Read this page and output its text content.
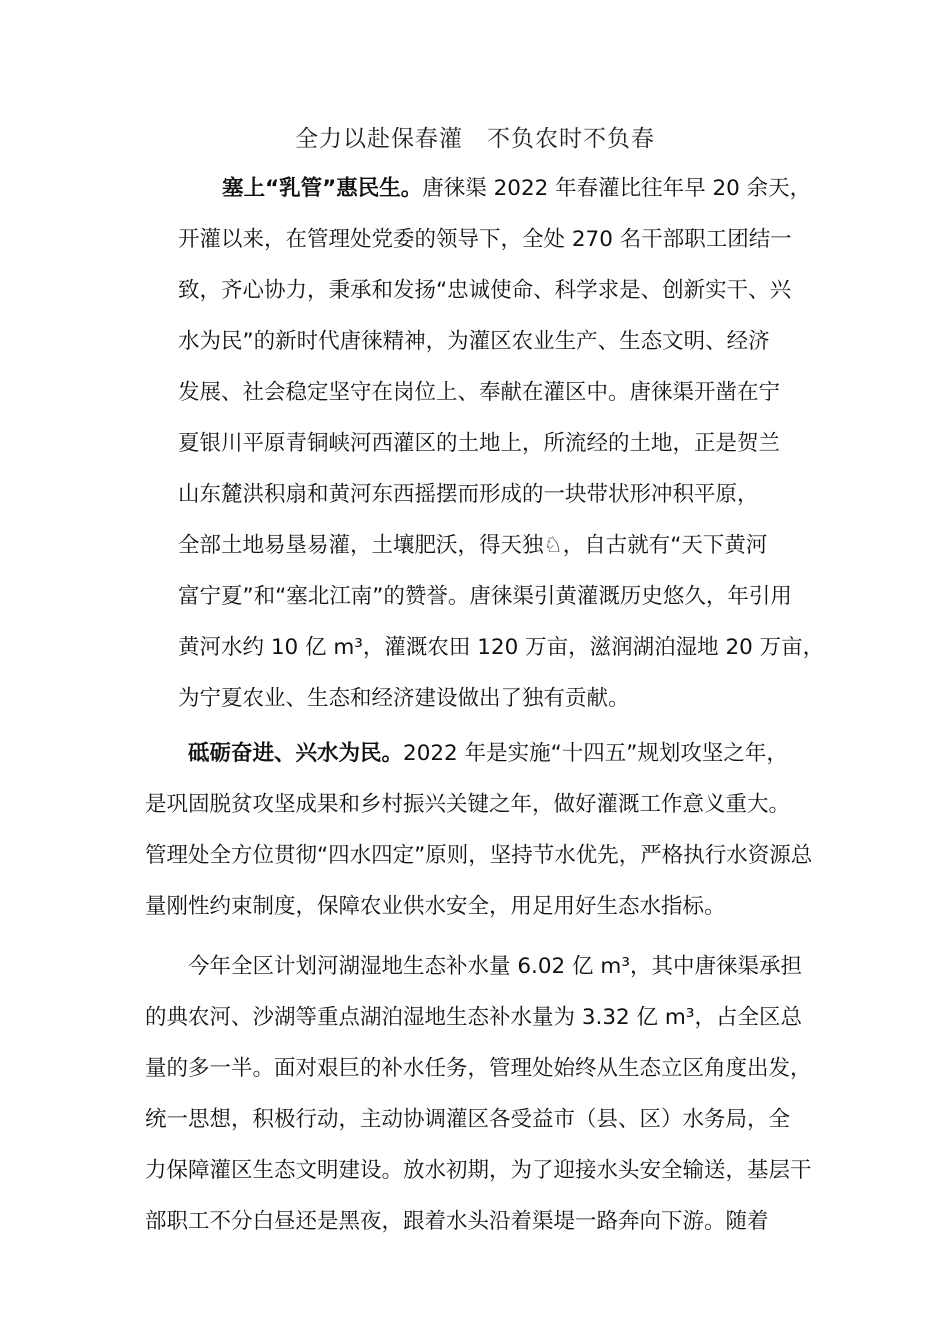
全力以赴保春灌　不负农时不负春
塞上“乳管”惠民生。唐徕渠 2022 年春灌比往年早 20 余天，
开灌以来，在管理处党委的领导下，全处 270 名干部职工团结一
致，齐心协力，秉承和发扬“忠诚使命、科学求是、创新实干、兴
水为民”的新时代唐徕精神，为灌区农业生产、生态文明、经济
发展、社会稳定坚守在岗位上、奉献在灌区中。唐徕渠开凿在宁
夏银川平原青铜峡河西灌区的土地上，所流经的土地，正是贺兰
山东麓洪积扇和黄河东西摇摆而形成的一块带状形冲积平原，
全部土地易垦易灌，土壤肥沃，得天独♘，自古就有“天下黄河
富宁夏”和“塞北江南”的赞誉。唐徕渠引黄灌溉历史悠久，年引用
黄河水约 10 亿 m³，灌溉农田 120 万亩，滋润湖泊湿地 20 万亩，
为宁夏农业、生态和经济建设做出了独有贡献。
砥砺奋进、兴水为民。2022 年是实施“十四五”规划攻坚之年，
是巩固脱贫攻坚成果和乡村振兴关键之年，做好灌溉工作意义重大。
管理处全方位贯彻“四水四定”原则，坚持节水优先，严格执行水资源总
量刚性约束制度，保障农业供水安全，用足用好生态水指标。
今年全区计划河湖湿地生态补水量 6.02 亿 m³，其中唐徕渠承担
的典农河、沙湖等重点湖泊湿地生态补水量为 3.32 亿 m³，占全区总
量的多一半。面对艰巨的补水任务，管理处始终从生态立区角度出发，
统一思想，积极行动，主动协调灌区各受益市（县、区）水务局，全
力保障灌区生态文明建设。放水初期，为了迎接水头安全输送，基层干
部职工不分白昼还是黑夜，跟着水头沿着渠堤一路奔向下游。随着
